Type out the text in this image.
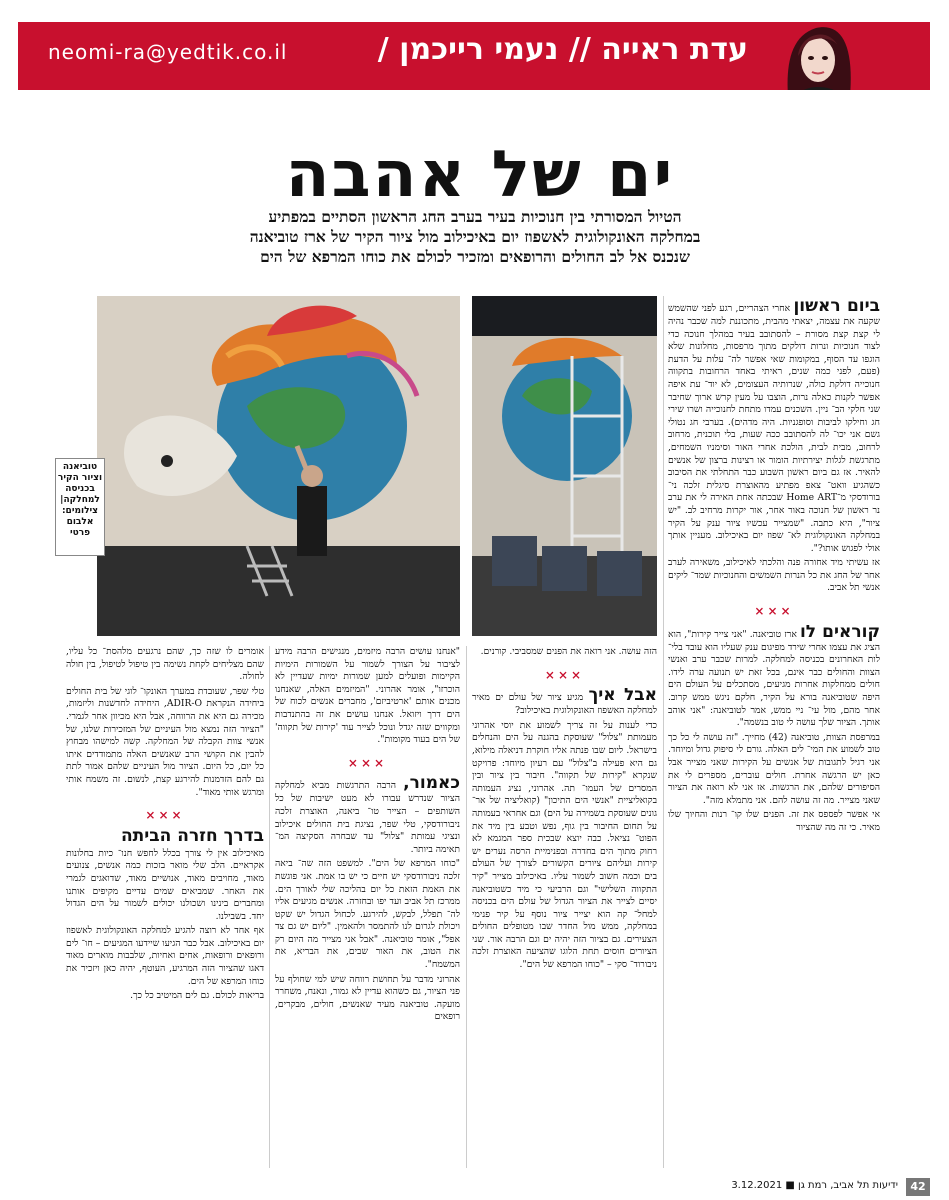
neomi-ra@yedtik.co.il	עדת ראייה // נעמי רייכמן /
ים של אהבה
הטיול המסורתי בין חנוכיות בעיר בערב החג הראשון הסתיים במפתיע
במחלקה האונקולוגית לאשפוז יום באיכילוב מול ציור הקיר של ארז טוביאנה
שנכנס אל לב החולים והרופאים ומזכיר לכולם את כוחו המרפא של הים
טוביאנה וציור הקיר בכניסה למחלקה| צילומים: אלבום פרטי

ביום ראשון אחרי הצהריים, רגע לפני שהשמש שקעה את עצמה, יצאתי מהבית, מתכוננת למה שכבר נהיה לי קצת קצת מסורת – להסתובב בעיר במהלך חנוכה כדי לצוד חנוכיות ונרות דולקים מתוך מרפסות, מחלונות שלא הוגפו עד הסוף, במקומות שאי אפשר לה־ עלות על הדעת (פעם, לפני כמה שנים, ראיתי באחד הרחובות בתקווה חנוכייה דולקת כולה, שנרותיה העצומים, לא יוד־ עת איפה אפשר לקנות כאלה נרות, הוצבו על מעין קרש ארוך שחיבר שני חלקי הב־ ניין. השכנים עמדו מתחת לחנוכייה ושרו שירי חג וחילקו לביבות וסופגניות. היה מדהים). בערבי חג נטולי גשם אני יכו־ לה להסתובב ככה שעות, בלי תוכנית, מרחוב לרחוב, מבית לבית, הולכת אחרי האור וסימניו השמחים, מתרגשת לגלות יצירתיות הומור או רצינות ברצון של אנשים להאיר. אז גם ביום ראשון השבוע כבר התחלתי את הסיבוב כשהגיע וואט־ צאפ מפתיע מהאוצרת סיגלית זלכה ני־ בורודסקי מ־Home ART שבכתה אחת האירה לי את ערב נר ראשון של חנוכה באור אחר, אור יקרות מרחיב לב. "יש ציור", היא כתבה. "שמצייר עכשיו ציור ענק על הקיר במחלקה האונקולוגית לא־ שפוז יום באיכילוב. מעניין אותך אולי לפגוש אותו?".

אז עשיתי מיד אחורה פנה והלכתי לאיכילוב, משאירה לערב אחר של החג את כל הנרות השמשים והחנוכיות שמד־ ליקים אנשי תל אביב.

×××

קוראים לו ארז טוביאנה. "אני צייר קירות", הוא הציג את עצמו אחרי שירד מפיגום ענק שעליו הוא עובד בלי־ לות האחרונים בכניסה למחלקה. למרות שכבר ערב ואנשי הצוות והחולים כבר אינם, בכל זאת יש תנועה ערה לידו. חולים ממחלקות אחרות מגיעים, מסתכלים על העולם הים היפה שטוביאנה בורא על הקיר, חלקם ניגש ממש קרוב. אחר מהם, מול עי־ ניי ממש, אמר לטוביאנה: "אני אוהב אותך. הציור שלך עושה לי טוב בנשמה".

במרפסת הצוות, טוביאנה (42) מחייך. "זה עושה לי כל כך טוב לשמוע את המי־ לים האלה. גורם לי סיפוק גדול ומיוחד. אני רגיל לתגובות של אנשים על הקירות שאני מצייר אבל כאן יש הרגשה אחרת. חולים עוברים, מספרים לי את הסיפורים שלהם, את הרגשות. אז אני לא רואה את הציור שאני מצייר. מה זה עושה להם. אני מתמלא מזה".

אי אפשר לפספס את זה. הפנים שלו קו־ רנות והחיוך שלו מאיר. כי זה מה שהציור

הזה עושה. אני רואה את הפנים שמסביבי. קורנים.

×××

אבל איך מגיע ציור של עולם ים מאיר למחלקה האשפוז האונקולוגית באיכילוב?

כדי לענות על זה צריך לשמוע את יוסי אהרוני מעמותת "צלול" שעוסקת בהגנה על הים והנחלים בישראל. ליום שבו פנתה אליו חוקרת דניאלה מילוא, גם היא פעילה ב"צלול" עם רעיון מיוחד: פרויקט שנקרא "קירות של תקווה". חיבור בין ציור ובין המסרים של העמו־ תה. אהרוני, נציג העמותה בקואליציית "אנשי הים התיכון" (קואליציה של אר־ גונים שעוסקת בשמירה על הים) וגם אחראי בעמותה על תחום החיבור בין גוף, נפש וטבע בין מיד את הפוט־ נציאל. כבה יוצא שבכית ספר המגמא לא רחוק מתוך הים בחדרה ובפנימיית הרסה נערים יש קירות ועליהם ציורים הקשורים לצורך של העולם בים וכמה חשוב לשמור עליו. באיכילוב מצייר "קיר התקווה השלישי" וגם הרביעי כי מיד כשטוביאנה יסיים לצייר את הציור הגדול של עולם הים בכניסה למחל־ קה הוא יצייר ציור נוסף על קיר פנימי במחלקה, ממש מול החדר שבו מטופלים החולים הצעירים. גם בציור הזה יהיה ים וגם הרבה אור. שני הציורים חוסים תחת הלוגו שהציעה האוצרת זלכה ניבורוד־ סקי – "כוחו המרפא של הים".

"אנחנו עושים הרבה מיזמים, מנגישים הרבה מידע לציבור על הצורך לשמור על השמורות הימיות הקיימות ופועלים למען שמורות ימיות שעדיין לא הוכרזו", אומר אהרוני. "המיזמים האלה, שאנחנו מכנים אותם 'ארטיביזם', מחברים אנשים לכוח של הים דרך ויזואל. אנחנו עושים את זה בהתנדבות ומקווים שזה יגדל ונוכל לצייר עוד 'קירות של תקווה' של הים בעוד מקומות".

×××

כאמור, הרבה התרגשות מביא למחלקה הציור שנדרש עבורו לא מעט ישיבות של כל השותפים – הצייר טו־ ביאנה, האוצרת זלכה ניבורודסקי, טלי שפר, נציגת בית החולים איכילוב ונציגי עמותת "צלול" עד שבחרה הסקיצה המ־ תאימה ביותר.

"כוחו המרפא של הים". למשפט הזה שה־ ביאה זלכה ניבורודסקי יש חיים כי יש בו אמת. אני פוגשת את האמת הזאת כל יום בהליכה שלי לאורך הים. ממרכז תל אביב ועד יפו ובחזרה. אנשים מגיעים אליו לה־ תפלל, לבקש, להירגע. לכחול הגדול יש שקט ויכולת לגרום לנו להתמסר ולהאמין. "ליום יש גם צד אפל", אומר טוביאנה. "אבל אני מצייר מה היום רק את הטוב, את האור שבים, את הבריא, את המשמח".

אהרוני מדבר על תחושת רווחה שיש למי שחולף על פני הציור, גם כשהוא עדיין לא גמור, ונאנח, משחרר מועקה. טוביאנה מעיד שאנשים, חולים, מבקרים, רופאים

אומרים לו שזה כך, שהם נרגעים מלהסת־ כל עליו, שהם מצליחים לקחת נשימה בין טיפול לטיפול, בין חולה לחולה.

טלי שפר, שעובדת במערך האונקו־ לוגי של בית החולים ביחידה הנקראת ADIR-O, היחידה לחדשנות וליזמות, מכירה גם היא את הרווחה, אבל היא מכיוון אחר לגמרי. "הציור הזה נמצא מול העיניים של המזכירות שלנו, של אנשי צוות הקבלה של המחלקה. קשה למישהו מבחוץ להבין את הקושי הרב שאנשים האלה מתמודדים איתו כל יום, כל היום. הציור מול העיניים שלהם אמור לתת גם להם הזדמנות להירגע קצת, לנשום. זה משמח אותי ומרגש אותי מאוד".

×××

בדרך חזרה הביתה

מאיכילוב אין לי צורך בכלל לחפש חנו־ כיות בחלונות אקראיים. הלב שלי מואר בזכות כמה אנשים, צנועים מאוד, מחויבים מאוד, אנושיים מאוד, שדואגים לגמרי את האחר. שמביאים שמים עדיים מקיפים אותנו ומחברים בינינו ושכולנו יכולים לשמור על הים הגדול יחד. בשבילנו.

אף אחד לא רוצה להגיע למחלקה האונקולוגית לאשפוז יום באיכילוב. אבל כבר הגיעו שיידעו המגיעים – חו־ לים ורופאים ורופאות, אחים ואחיות, שלבבות מוארים מאוד דאגו שהציור הזה המרגיע, העוטף, יהיה כאן ויזכיר את כוחו המרפא של הים.

בריאות לכולם. גם לים המיטיב כל כך.

42
ידיעות תל אביב, רמת גן ■ 3.12.2021
